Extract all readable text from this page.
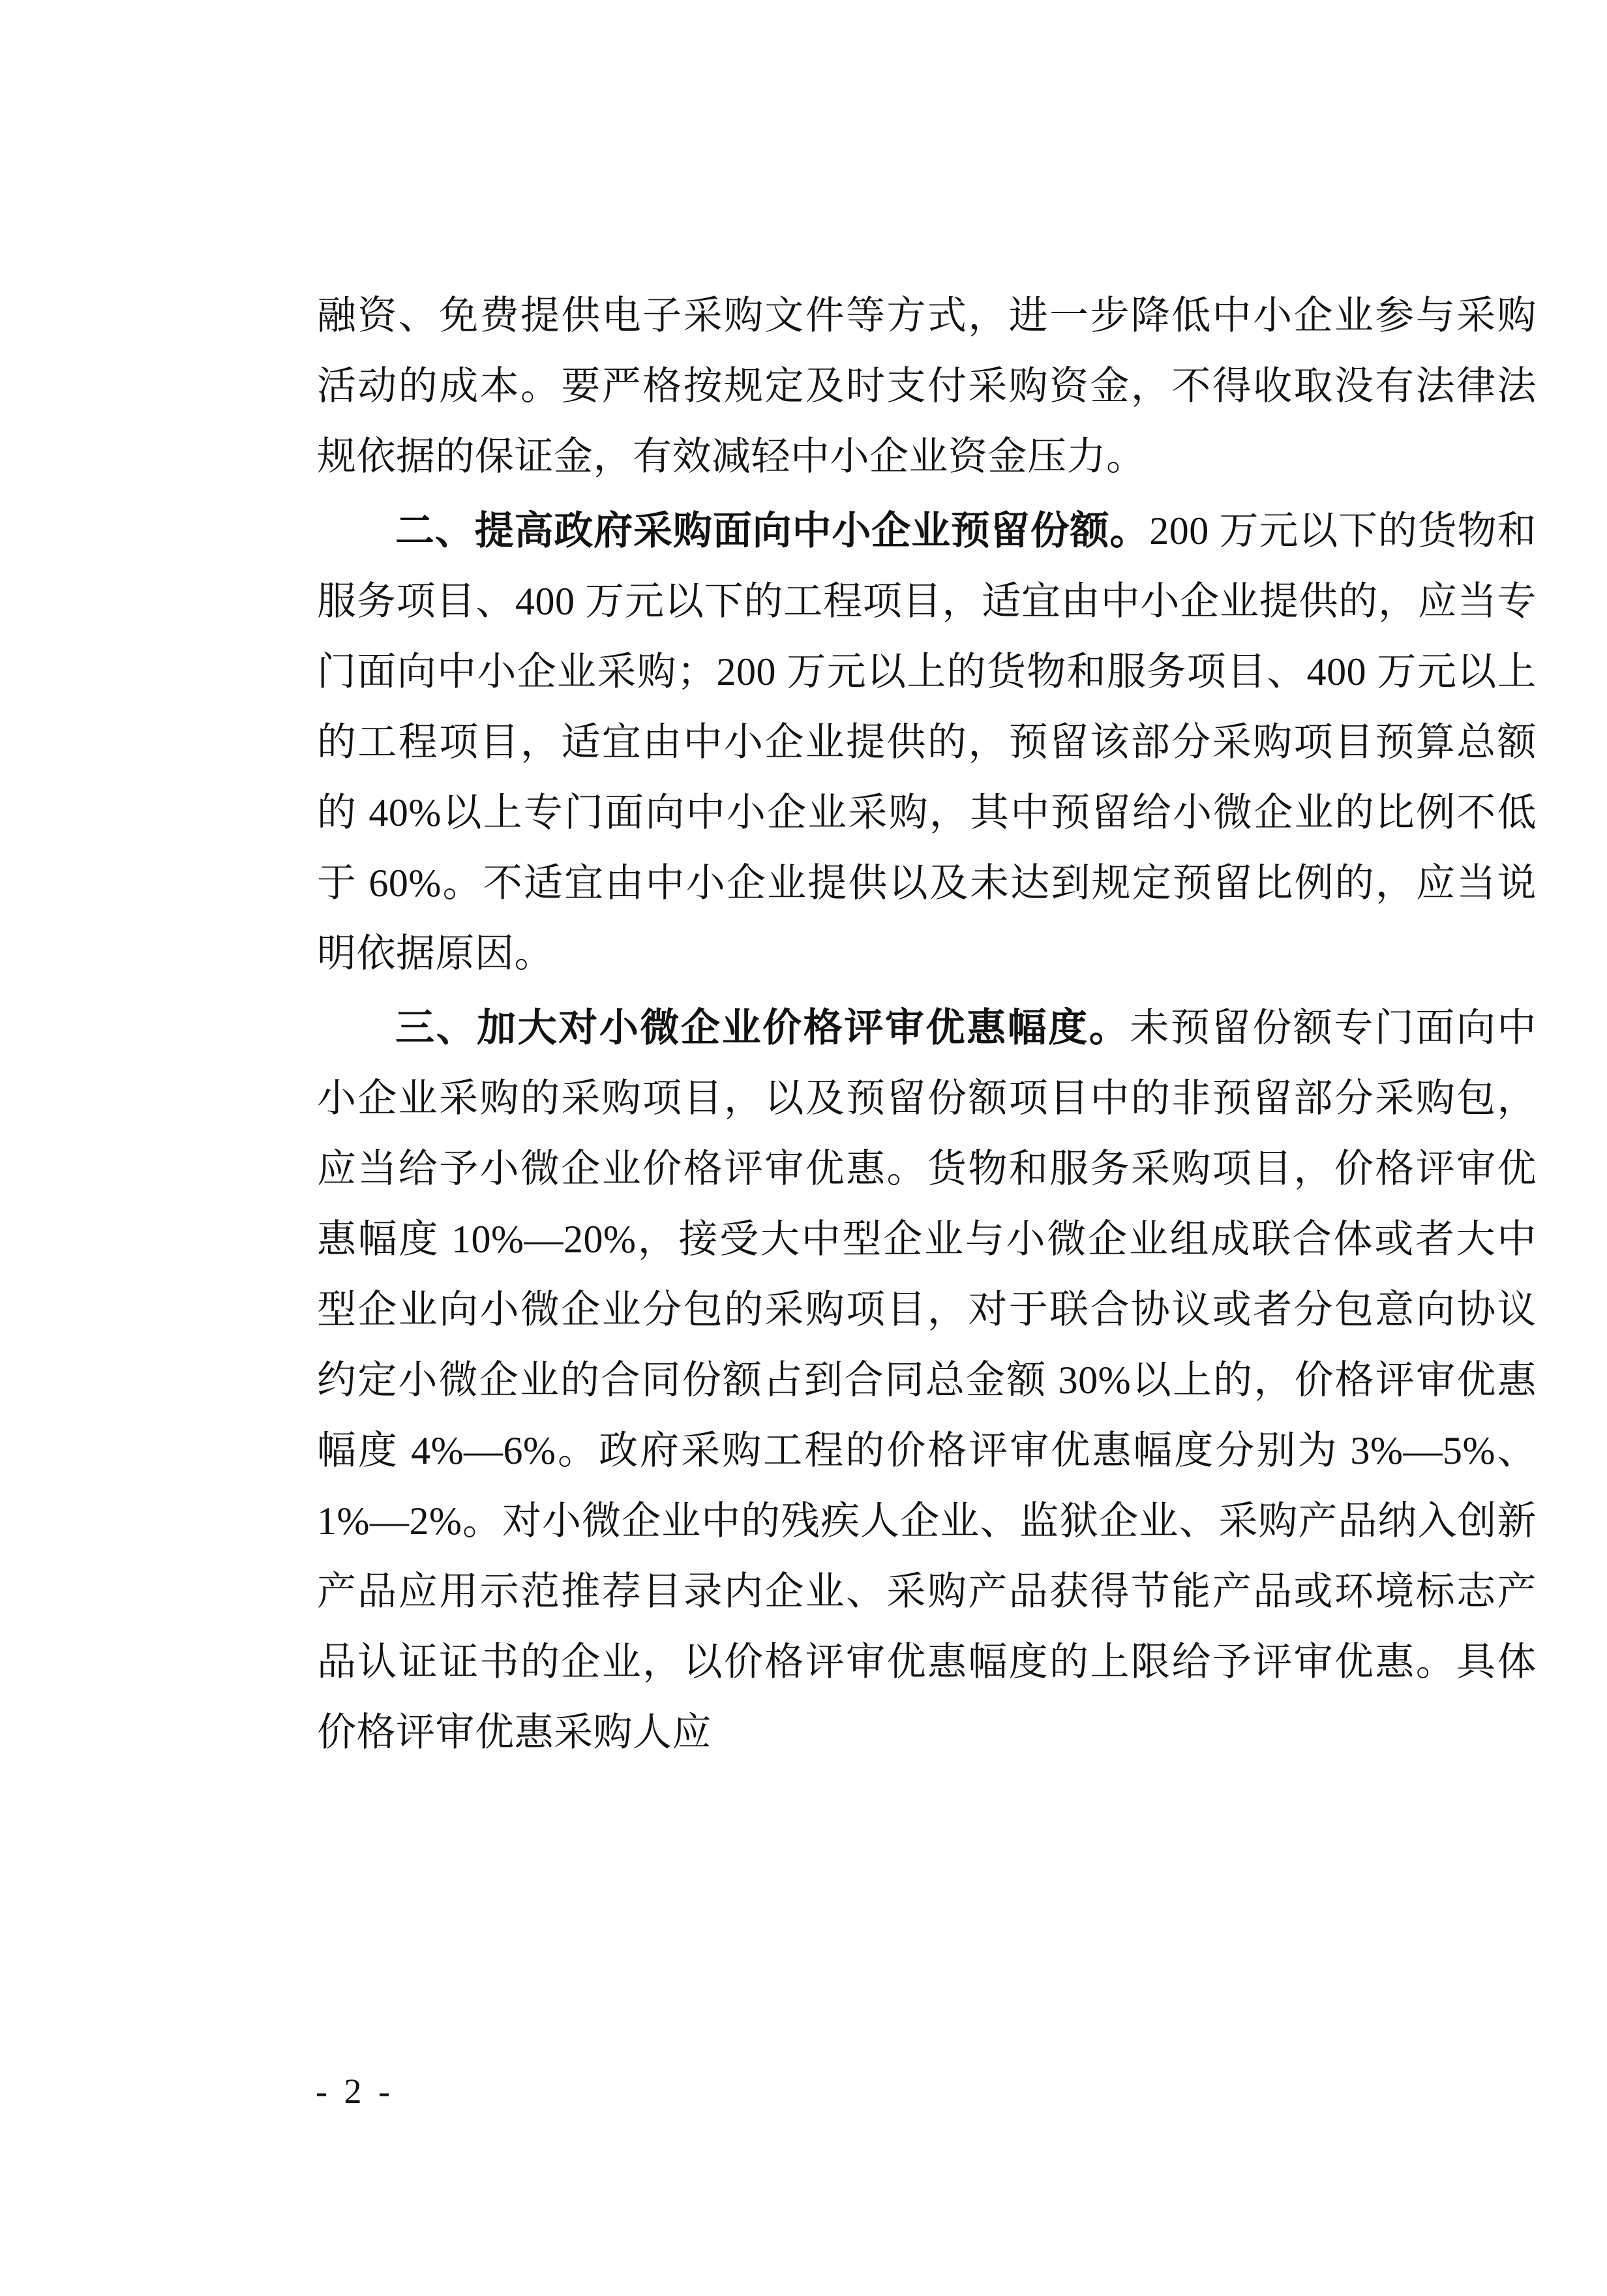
融资、免费提供电子采购文件等方式，进一步降低中小企业参与采购活动的成本。要严格按规定及时支付采购资金，不得收取没有法律法规依据的保证金，有效减轻中小企业资金压力。

二、提高政府采购面向中小企业预留份额。200 万元以下的货物和服务项目、400 万元以下的工程项目，适宜由中小企业提供的，应当专门面向中小企业采购；200 万元以上的货物和服务项目、400 万元以上的工程项目，适宜由中小企业提供的，预留该部分采购项目预算总额的 40%以上专门面向中小企业采购，其中预留给小微企业的比例不低于 60%。不适宜由中小企业提供以及未达到规定预留比例的，应当说明依据原因。

三、加大对小微企业价格评审优惠幅度。未预留份额专门面向中小企业采购的采购项目，以及预留份额项目中的非预留部分采购包，应当给予小微企业价格评审优惠。货物和服务采购项目，价格评审优惠幅度 10%—20%，接受大中型企业与小微企业组成联合体或者大中型企业向小微企业分包的采购项目，对于联合协议或者分包意向协议约定小微企业的合同份额占到合同总金额 30%以上的，价格评审优惠幅度 4%—6%。政府采购工程的价格评审优惠幅度分别为 3%—5%、1%—2%。对小微企业中的残疾人企业、监狱企业、采购产品纳入创新产品应用示范推荐目录内企业、采购产品获得节能产品或环境标志产品认证证书的企业，以价格评审优惠幅度的上限给予评审优惠。具体价格评审优惠采购人应

- 2 -
